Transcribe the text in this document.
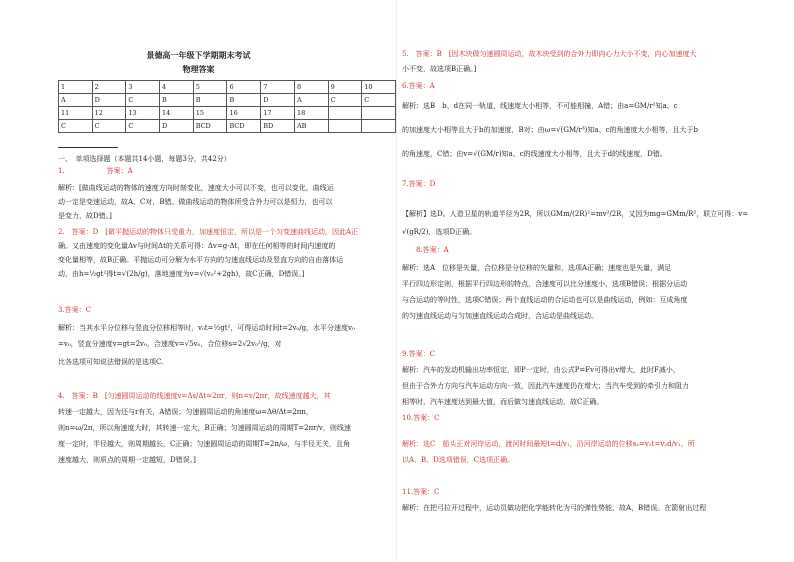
景德高一年级下学期期末考试
物理答案
1	2	3	4	5	6	7	8	9	10
A	D	C	B	B	B	D	A	C	C
11	12	13	14	15	16	17	18		
C	C	C	D	BCD	BCD	BD	AB		
一、　单项选择题（本题共14小题，每题3分，共42分）
1.　　　　　　答案：A
解析：[做曲线运动的物体的速度方向时刻变化，速度大小可以不变，也可以变化，曲线运
动一定是变速运动，故A、C对，B错。做曲线运动的物体所受合外力可以是恒力，也可以
是变力，故D错。]
2.　答案：D　[做平抛运动的物体只受重力，加速度恒定，所以是一个匀变速曲线运动，因此A正
确。又由速度的变化量Δv与时间Δt的关系可得：Δv=g·Δt，即在任何相等的时间内速度的
变化量相等，故B正确。平抛运动可分解为水平方向的匀速直线运动及竖直方向的自由落体运
动，由h=½gt²得t=√(2h/g)，落地速度为v=√(v₀²+2gh)，故C正确，D错误。]
3.答案：C
解析：当其水平分位移与竖直分位移相等时，v₀t=½gt²，可得运动时间t=2v₀/g，水平分速度v₀
=v₀，竖直分速度v=gt=2v₀，合速度v=√5v₀，合位移s=2√2v₀²/g，对
比各选项可知说法错误的是选项C.
4.　答案：B　[匀速圆周运动的线速度v=Δs/Δt=2πr，则n=v/2πr，故线速度越大，其
转速一定越大，因为还与r有关，A错误；匀速圆周运动的角速度ω=Δθ/Δt=2πn，
则n=ω/2π，所以角速度大时，其转速一定大，B正确；匀速圆周运动的周期T=2πr/v，则线速
度一定时，半径越大，则周期越长，C正确；匀速圆周运动的周期T=2π/ω，与半径无关，且角
速度越大，则质点的周期一定越短，D错误。]
5.　答案：B　[因木块做匀速圆周运动，故木块受到的合外力即向心力大小不变，向心加速度大
小不变，故选项B正确。]
6.答案：A
解析：选B　b、d在同一轨道，线速度大小相等，不可能相撞，A错；由a=GM/r²知a、c
的加速度大小相等且大于b的加速度，B对；由ω=√(GM/r³)知a、c的角速度大小相等，且大于b
的角速度，C错；由v=√(GM/r)知a、c的线速度大小相等，且大于d的线速度，D错。
7.答案：D
【解析】选D。人造卫星的轨道半径为2R，所以GMm/(2R)²=mv²/2R，又因为mg=GMm/R²，联立可得：v=
√(gR/2)，选项D正确。
　　8.答案：A
解析：选A　位移是矢量，合位移是分位移的矢量和，选项A正确；速度也是矢量，满足
平行四边形定则，根据平行四边形的特点，合速度可以比分速度小，选项B错误；根据分运动
与合运动的等时性，选项C错误；两个直线运动的合运动也可以是曲线运动，例如：互成角度
的匀速直线运动与匀加速直线运动合成时，合运动是曲线运动。
9.答案：C
解析：汽车的发动机输出功率恒定，即P一定时，由公式P=Fv可得出v增大，此时F减小，
但由于合外力方向与汽车运动方向一致，因此汽车速度仍在增大；当汽车受到的牵引力和阻力
相等时，汽车速度达到最大值，而后做匀速直线运动，故C正确。
10.答案：C
解析：选C　船头正对河岸运动，渡河时间最短t=d/v₁，沿河岸运动的位移s₂=v₂t=v₂d/v₁，所
以A、B、D选项错误，C选项正确。
11.答案：C
解析：在把弓拉开过程中，运动员做功把化学能转化为弓的弹性势能，故A、B错误。在箭射出过程
